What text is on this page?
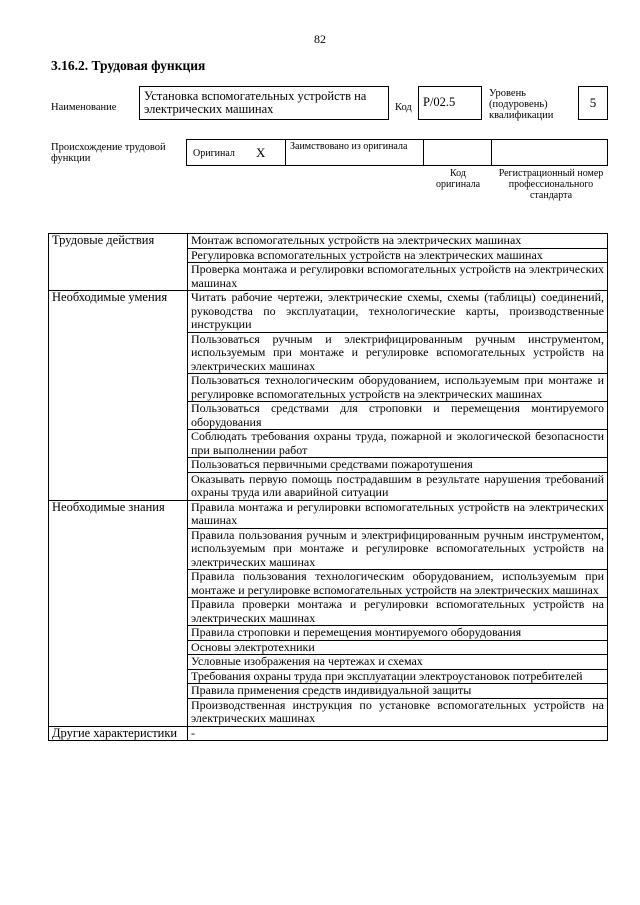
82
3.16.2. Трудовая функция
Наименование
Установка вспомогательных устройств на электрических машинах	Код P/02.5
Уровень (подуровень) квалификации
5
Происхождение трудовой функции	Оригинал X Заимствовано из оригинала
Код оригинала
Регистрационный номер профессионального стандарта
Трудовые действия	Монтаж вспомогательных устройств на электрических машинах
	Регулировка вспомогательных устройств на электрических машинах
	Проверка монтажа и регулировки вспомогательных устройств на электрических машинах
Необходимые умения	Читать рабочие чертежи, электрические схемы, схемы (таблицы) соединений, руководства по эксплуатации, технологические карты, производственные инструкции
	Пользоваться ручным и электрифицированным ручным инструментом, используемым при монтаже и регулировке вспомогательных устройств на электрических машинах
	Пользоваться технологическим оборудованием, используемым при монтаже и регулировке вспомогательных устройств на электрических машинах
	Пользоваться средствами для строповки и перемещения монтируемого оборудования
	Соблюдать требования охраны труда, пожарной и экологической безопасности при выполнении работ
	Пользоваться первичными средствами пожаротушения
	Оказывать первую помощь пострадавшим в результате нарушения требований охраны труда или аварийной ситуации
Необходимые знания	Правила монтажа и регулировки вспомогательных устройств на электрических машинах
	Правила пользования ручным и электрифицированным ручным инструментом, используемым при монтаже и регулировке вспомогательных устройств на электрических машинах
	Правила пользования технологическим оборудованием, используемым при монтаже и регулировке вспомогательных устройств на электрических машинах
	Правила проверки монтажа и регулировки вспомогательных устройств на электрических машинах
	Правила строповки и перемещения монтируемого оборудования
	Основы электротехники
	Условные изображения на чертежах и схемах
	Требования охраны труда при эксплуатации электроустановок потребителей
	Правила применения средств индивидуальной защиты
	Производственная инструкция по установке вспомогательных устройств на электрических машинах
Другие характеристики	-
